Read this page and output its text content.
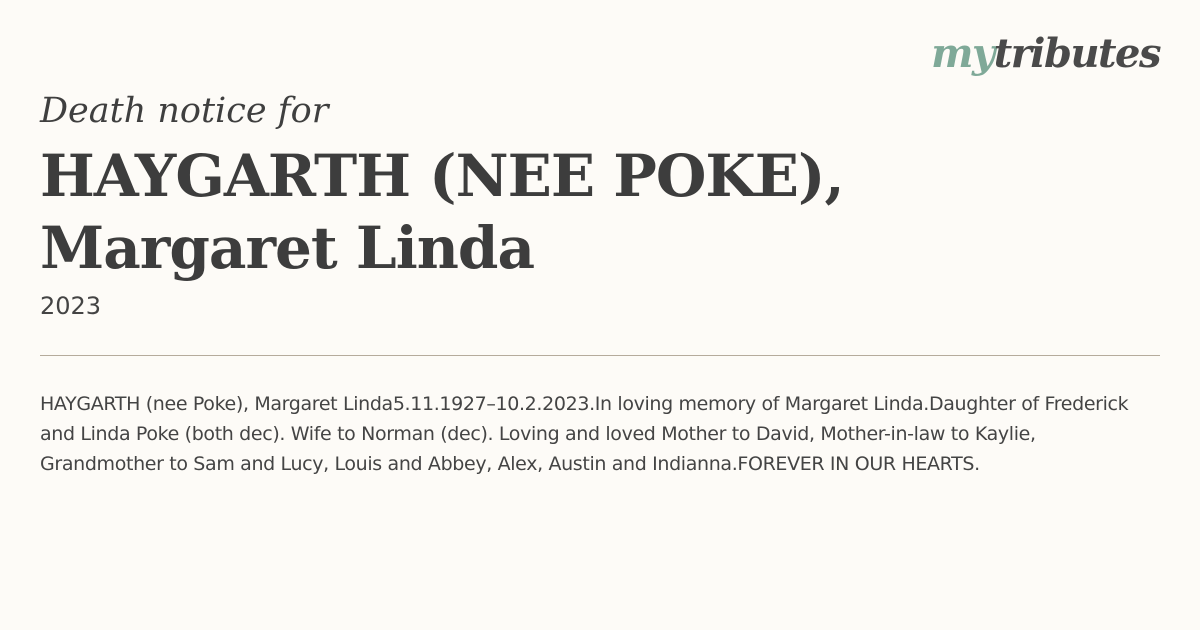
mytributes
Death notice for
HAYGARTH (NEE POKE),
Margaret Linda
2023

HAYGARTH (nee Poke), Margaret Linda5.11.1927–10.2.2023.In loving memory of Margaret Linda.Daughter of Frederick and Linda Poke (both dec). Wife to Norman (dec). Loving and loved Mother to David, Mother-in-law to Kaylie, Grandmother to Sam and Lucy, Louis and Abbey, Alex, Austin and Indianna.FOREVER IN OUR HEARTS.
